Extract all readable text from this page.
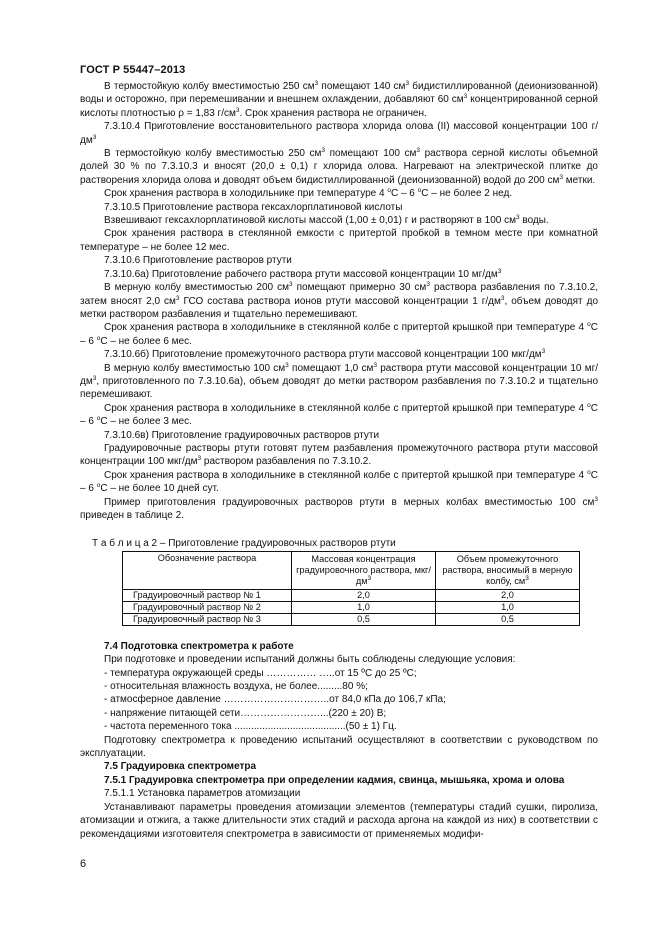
ГОСТ Р 55447–2013

В термостойкую колбу вместимостью 250 $см^3$ помещают 140 $см^3$ бидистиллированной (деионизованной) воды и осторожно, при перемешивании и внешнем охлаждении, добавляют 60 $см^3$ концентрированной серной кислоты плотностью ρ = 1,83 $г/см^3$. Срок хранения раствора не ограничен.

7.3.10.4 Приготовление восстановительного раствора хлорида олова (II) массовой концентрации 100 $г/дм^3$

В термостойкую колбу вместимостью 250 $см^3$ помещают 100 $см^3$ раствора серной кислоты объемной долей 30 % по 7.3.10.3 и вносят (20,0 ± 0,1) г хлорида олова. Нагревают на электрической плитке до растворения хлорида олова и доводят объем бидистиллированной (деионизованной) водой до 200 $см^3$ метки.

Срок хранения раствора в холодильнике при температуре 4 $^o$С – 6 $^o$С – не более 2 нед.

7.3.10.5 Приготовление раствора гексахлорплатиновой кислоты

Взвешивают гексахлорплатиновой кислоты массой (1,00 ± 0,01) г и растворяют в 100 $см^3$ воды.

Срок хранения раствора в стеклянной емкости с притертой пробкой в темном месте при комнатной температуре – не более 12 мес.

7.3.10.6 Приготовление растворов ртути

7.3.10.6а) Приготовление рабочего раствора ртути массовой концентрации 10 $мг/дм^3$

В мерную колбу вместимостью 200 $см^3$ помещают примерно 30 $см^3$ раствора разбавления по 7.3.10.2, затем вносят 2,0 $см^3$ ГСО состава раствора ионов ртути массовой концентрации 1 $г/дм^3$, объем доводят до метки раствором разбавления и тщательно перемешивают.

Срок хранения раствора в холодильнике в стеклянной колбе с притертой крышкой при температуре 4 $^o$С – 6 $^o$С – не более 6 мес.

7.3.10.6б) Приготовление промежуточного раствора ртути массовой концентрации 100 мкг/$дм^3$

В мерную колбу вместимостью 100 $см^3$ помещают 1,0 $см^3$ раствора ртути массовой концентрации 10 $мг/дм^3$, приготовленного по 7.3.10.6а), объем доводят до метки раствором разбавления по 7.3.10.2 и тщательно перемешивают.

Срок хранения раствора в холодильнике в стеклянной колбе с притертой крышкой при температуре 4 $^o$С – 6 $^o$С – не более 3 мес.

7.3.10.6в) Приготовление градуировочных растворов ртути

Градуировочные растворы ртути готовят путем разбавления промежуточного раствора ртути массовой концентрации 100 мкг/$дм^3$ раствором разбавления по 7.3.10.2.

Срок хранения раствора в холодильнике в стеклянной колбе с притертой крышкой при температуре 4 $^o$С – 6 $^o$С – не более 10 дней сут.

Пример приготовления градуировочных растворов ртути в мерных колбах вместимостью 100 $см^3$ приведен в таблице 2.

Т а б л и ц а 2 – Приготовление градуировочных растворов ртути

Обозначение раствора	Массовая концентрация градуировочного раствора, мкг/$дм^3$	Объем промежуточного раствора, вносимый в мерную колбу, $см^3$
Градуировочный раствор № 1	2,0	2,0
Градуировочный раствор № 2	1,0	1,0
Градуировочный раствор № 3	0,5	0,5

7.4 Подготовка спектрометра к работе

При подготовке и проведении испытаний должны быть соблюдены следующие условия:

- температура окружающей среды …………… …..от 15 ºС до 25 ºС;
- относительная влажность воздуха, не более.........80 %;
- атмосферное давление …………………………..от 84,0 кПа до 106,7 кПа;
- напряжение питающей сети……………………...(220 ± 20) В;
- частота переменного тока ........................................(50 ± 1) Гц.

Подготовку спектрометра к проведению испытаний осуществляют в соответствии с руководством по эксплуатации.

7.5 Градуировка спектрометра

7.5.1 Градуировка спектрометра при определении кадмия, свинца, мышьяка, хрома и олова

7.5.1.1 Установка параметров атомизации

Устанавливают параметры проведения атомизации элементов (температуры стадий сушки, пиролиза, атомизации и отжига, а также длительности этих стадий и расхода аргона на каждой из них) в соответствии с рекомендациями изготовителя спектрометра в зависимости от применяемых модифи-

6
